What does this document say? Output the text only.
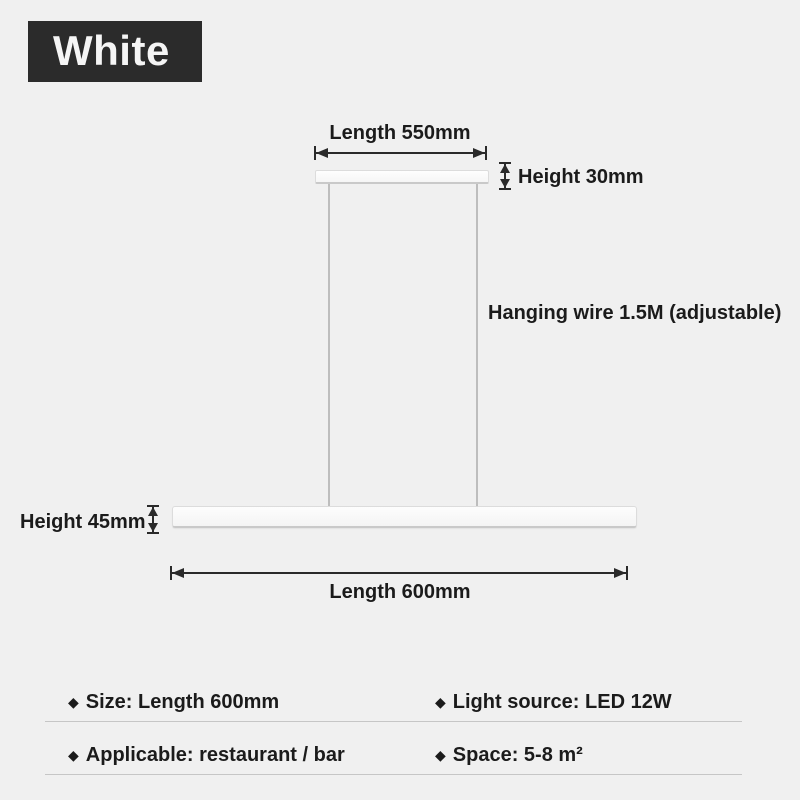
White
Length 550mm
Height 30mm
Hanging wire 1.5M (adjustable)
Height 45mm
Length 600mm
◆ Size: Length 600mm	◆ Light source: LED 12W
◆ Applicable: restaurant / bar	◆ Space: 5-8 m²
